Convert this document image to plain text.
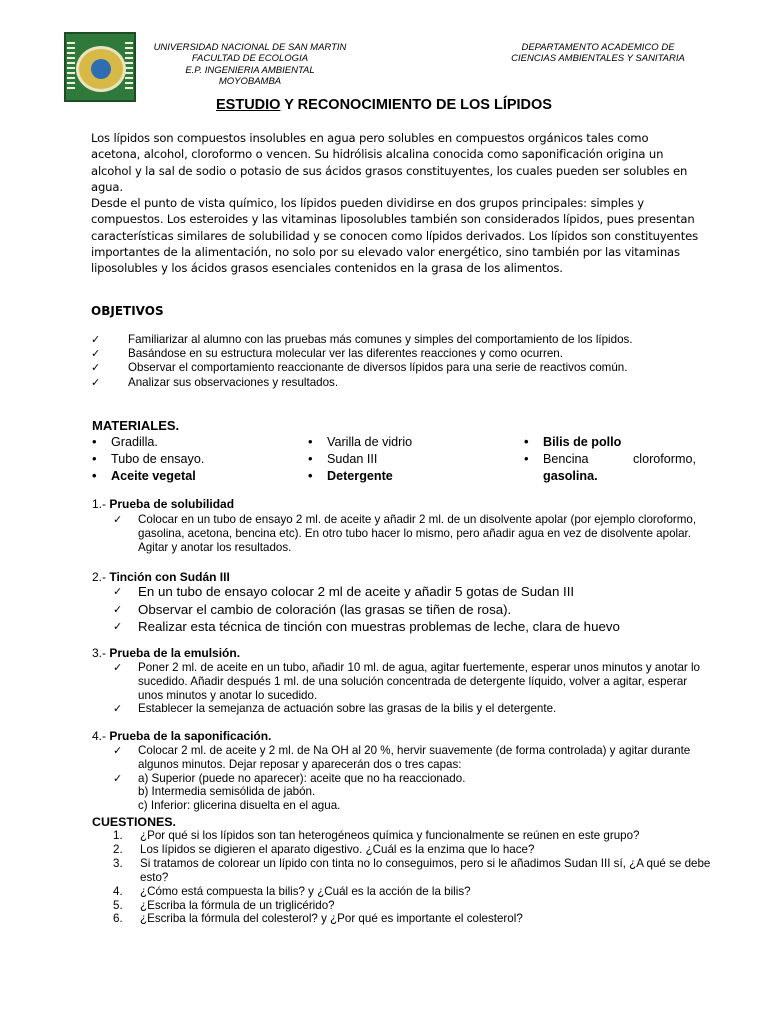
UNIVERSIDAD NACIONAL DE SAN MARTIN
FACULTAD DE ECOLOGIA
E.P. INGENIERIA AMBIENTAL
MOYOBAMBA
DEPARTAMENTO ACADEMICO DE
CIENCIAS AMBIENTALES Y SANITARIA
ESTUDIO Y RECONOCIMIENTO DE LOS LÍPIDOS

Los lípidos son compuestos insolubles en agua pero solubles en compuestos orgánicos tales como acetona, alcohol, cloroformo o vencen. Su hidrólisis alcalina conocida como saponificación origina un alcohol y la sal de sodio o potasio de sus ácidos grasos constituyentes, los cuales pueden ser solubles en agua.

Desde el punto de vista químico, los lípidos pueden dividirse en dos grupos principales: simples y compuestos. Los esteroides y las vitaminas liposolubles también son considerados lípidos, pues presentan características similares de solubilidad y se conocen como lípidos derivados. Los lípidos son constituyentes importantes de la alimentación, no solo por su elevado valor energético, sino también por las vitaminas liposolubles y los ácidos grasos esenciales contenidos en la grasa de los alimentos.

OBJETIVOS
✓ Familiarizar al alumno con las pruebas más comunes y simples del comportamiento de los lípidos.
✓ Basándose en su estructura molecular ver las diferentes reacciones y como ocurren.
✓ Observar el comportamiento reaccionante de diversos lípidos para una serie de reactivos común.
✓ Analizar sus observaciones y resultados.
MATERIALES.
• Gradilla.
• Tubo de ensayo.
• Aceite vegetal
• Varilla de vidrio
• Sudan III
• Detergente
• Bilis de pollo
• Bencina	cloroformo,
gasolina.
1.- Prueba de solubilidad
✓ Colocar en un tubo de ensayo 2 ml. de aceite y añadir 2 ml. de un disolvente apolar (por ejemplo cloroformo, gasolina, acetona, bencina etc). En otro tubo hacer lo mismo, pero añadir agua en vez de disolvente apolar. Agitar y anotar los resultados.
2.- Tinción con Sudán III
✓ En un tubo de ensayo colocar 2 ml de aceite y añadir 5 gotas de Sudan III
✓ Observar el cambio de coloración (las grasas se tiñen de rosa).
✓ Realizar esta técnica de tinción con muestras problemas de leche, clara de huevo
3.- Prueba de la emulsión.
✓ Poner 2 ml. de aceite en un tubo, añadir 10 ml. de agua, agitar fuertemente, esperar unos minutos y anotar lo sucedido. Añadir después 1 ml. de una solución concentrada de detergente líquido, volver a agitar, esperar unos minutos y anotar lo sucedido.
✓ Establecer la semejanza de actuación sobre las grasas de la bilis y el detergente.
4.- Prueba de la saponificación.
✓ Colocar 2 ml. de aceite y 2 ml. de Na OH al 20 %, hervir suavemente (de forma controlada) y agitar durante algunos minutos. Dejar reposar y aparecerán dos o tres capas:
✓ a) Superior (puede no aparecer): aceite que no ha reaccionado.
b) Intermedia semisólida de jabón.
c) Inferior: glicerina disuelta en el agua.
CUESTIONES.
1. ¿Por qué si los lípidos son tan heterogéneos química y funcionalmente se reúnen en este grupo?
2. Los lípidos se digieren el aparato digestivo. ¿Cuál es la enzima que lo hace?
3. Si tratamos de colorear un lípido con tinta no lo conseguimos, pero si le añadimos Sudan III sí, ¿A qué se debe esto?
4. ¿Cómo está compuesta la bilis? y ¿Cuál es la acción de la bilis?
5. ¿Escriba la fórmula de un triglicérido?
6. ¿Escriba la fórmula del colesterol? y ¿Por qué es importante el colesterol?
